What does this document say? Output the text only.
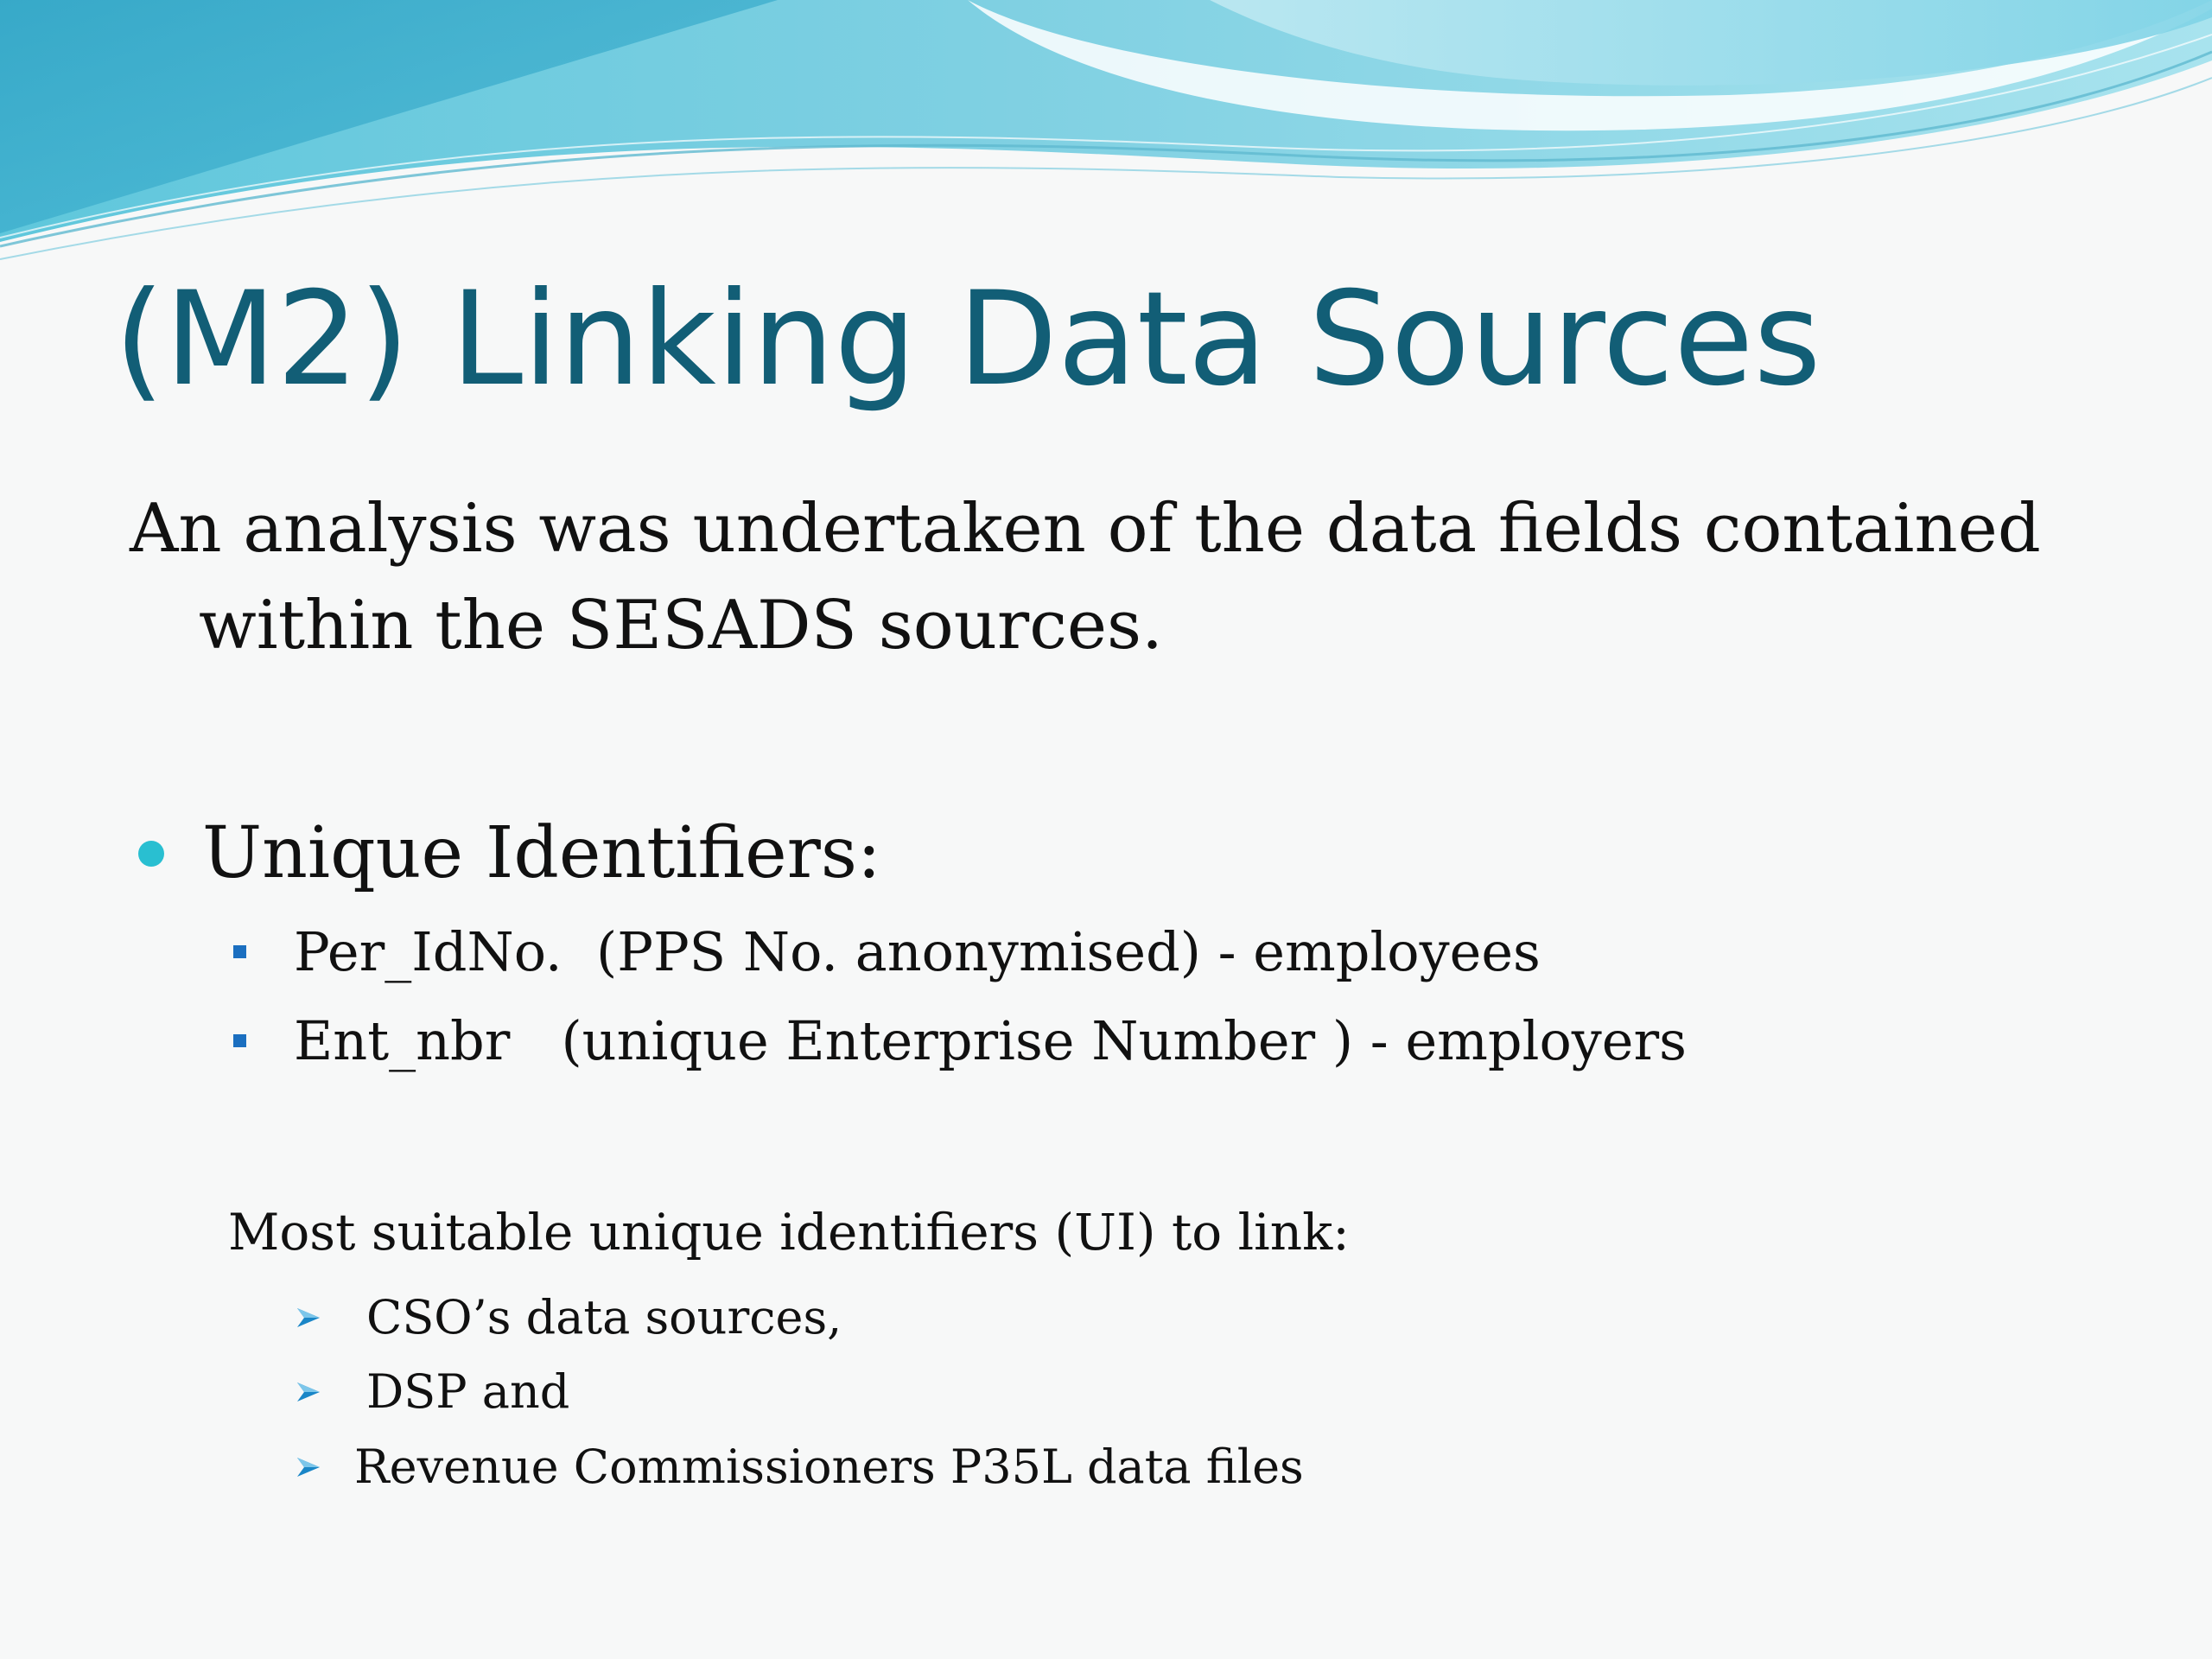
(M2) Linking Data Sources

An analysis was undertaken of the data fields contained within the SESADS sources.

Unique Identifiers:
Per_IdNo.  (PPS No. anonymised) - employees
Ent_nbr   (unique Enterprise Number ) - employers

Most suitable unique identifiers (UI) to link:

CSO’s data sources,
DSP and
Revenue Commissioners P35L data files
